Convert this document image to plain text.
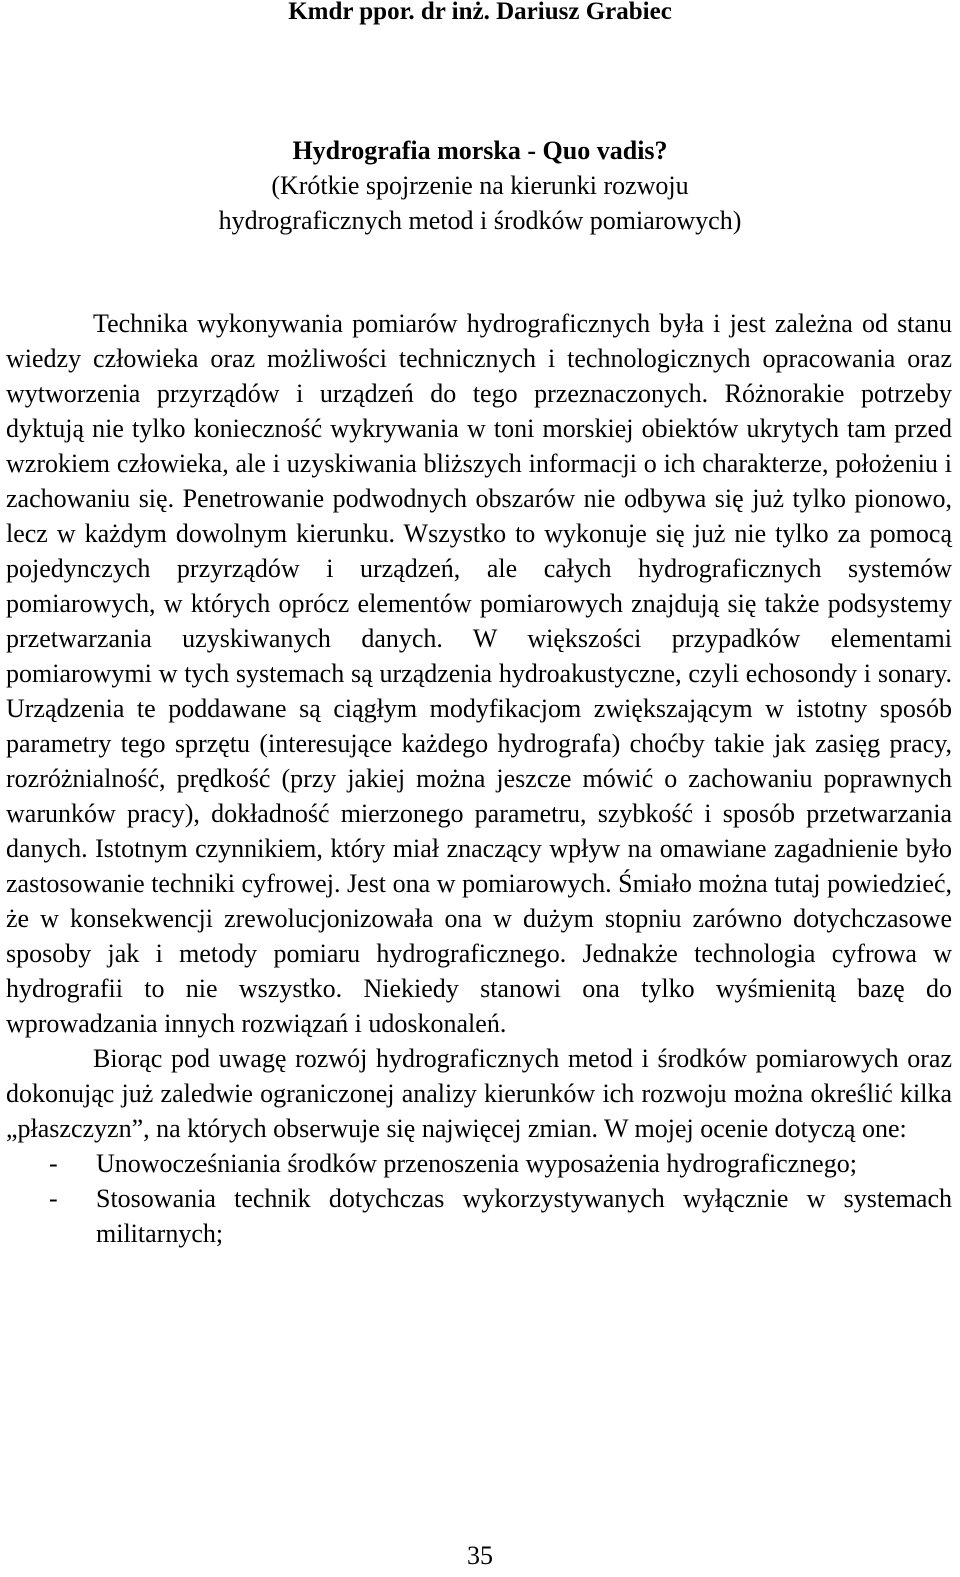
Kmdr ppor. dr inż. Dariusz Grabiec
Hydrografia morska - Quo vadis?
(Krótkie spojrzenie na kierunki rozwoju
hydrograficznych metod i środków pomiarowych)

Technika wykonywania pomiarów hydrograficznych była i jest zależna od stanu wiedzy człowieka oraz możliwości technicznych i technologicznych opracowania oraz wytworzenia przyrządów i urządzeń do tego przeznaczonych. Różnorakie potrzeby dyktują nie tylko konieczność wykrywania w toni morskiej obiektów ukrytych tam przed wzrokiem człowieka, ale i uzyskiwania bliższych informacji o ich charakterze, położeniu i zachowaniu się. Penetrowanie podwodnych obszarów nie odbywa się już tylko pionowo, lecz w każdym dowolnym kierunku. Wszystko to wykonuje się już nie tylko za pomocą pojedynczych przyrządów i urządzeń, ale całych hydrograficznych systemów pomiarowych, w których oprócz elementów pomiarowych znajdują się także podsystemy przetwarzania uzyskiwanych danych. W większości przypadków elementami pomiarowymi w tych systemach są urządzenia hydroakustyczne, czyli echosondy i sonary. Urządzenia te poddawane są ciągłym modyfikacjom zwiększającym w istotny sposób parametry tego sprzętu (interesujące każdego hydrografa) choćby takie jak zasięg pracy, rozróżnialność, prędkość (przy jakiej można jeszcze mówić o zachowaniu poprawnych warunków pracy), dokładność mierzonego parametru, szybkość i sposób przetwarzania danych. Istotnym czynnikiem, który miał znaczący wpływ na omawiane zagadnienie było zastosowanie techniki cyfrowej. Jest ona w pomiarowych. Śmiało można tutaj powiedzieć, że w konsekwencji zrewolucjonizowała ona w dużym stopniu zarówno dotychczasowe sposoby jak i metody pomiaru hydrograficznego. Jednakże technologia cyfrowa w hydrografii to nie wszystko. Niekiedy stanowi ona tylko wyśmienitą bazę do wprowadzania innych rozwiązań i udoskonaleń.

Biorąc pod uwagę rozwój hydrograficznych metod i środków pomiarowych oraz dokonując już zaledwie ograniczonej analizy kierunków ich rozwoju można określić kilka „płaszczyzn”, na których obserwuje się najwięcej zmian. W mojej ocenie dotyczą one:

- Unowocześniania środków przenoszenia wyposażenia hydrograficznego;
- Stosowania technik dotychczas wykorzystywanych wyłącznie w systemach militarnych;
35
